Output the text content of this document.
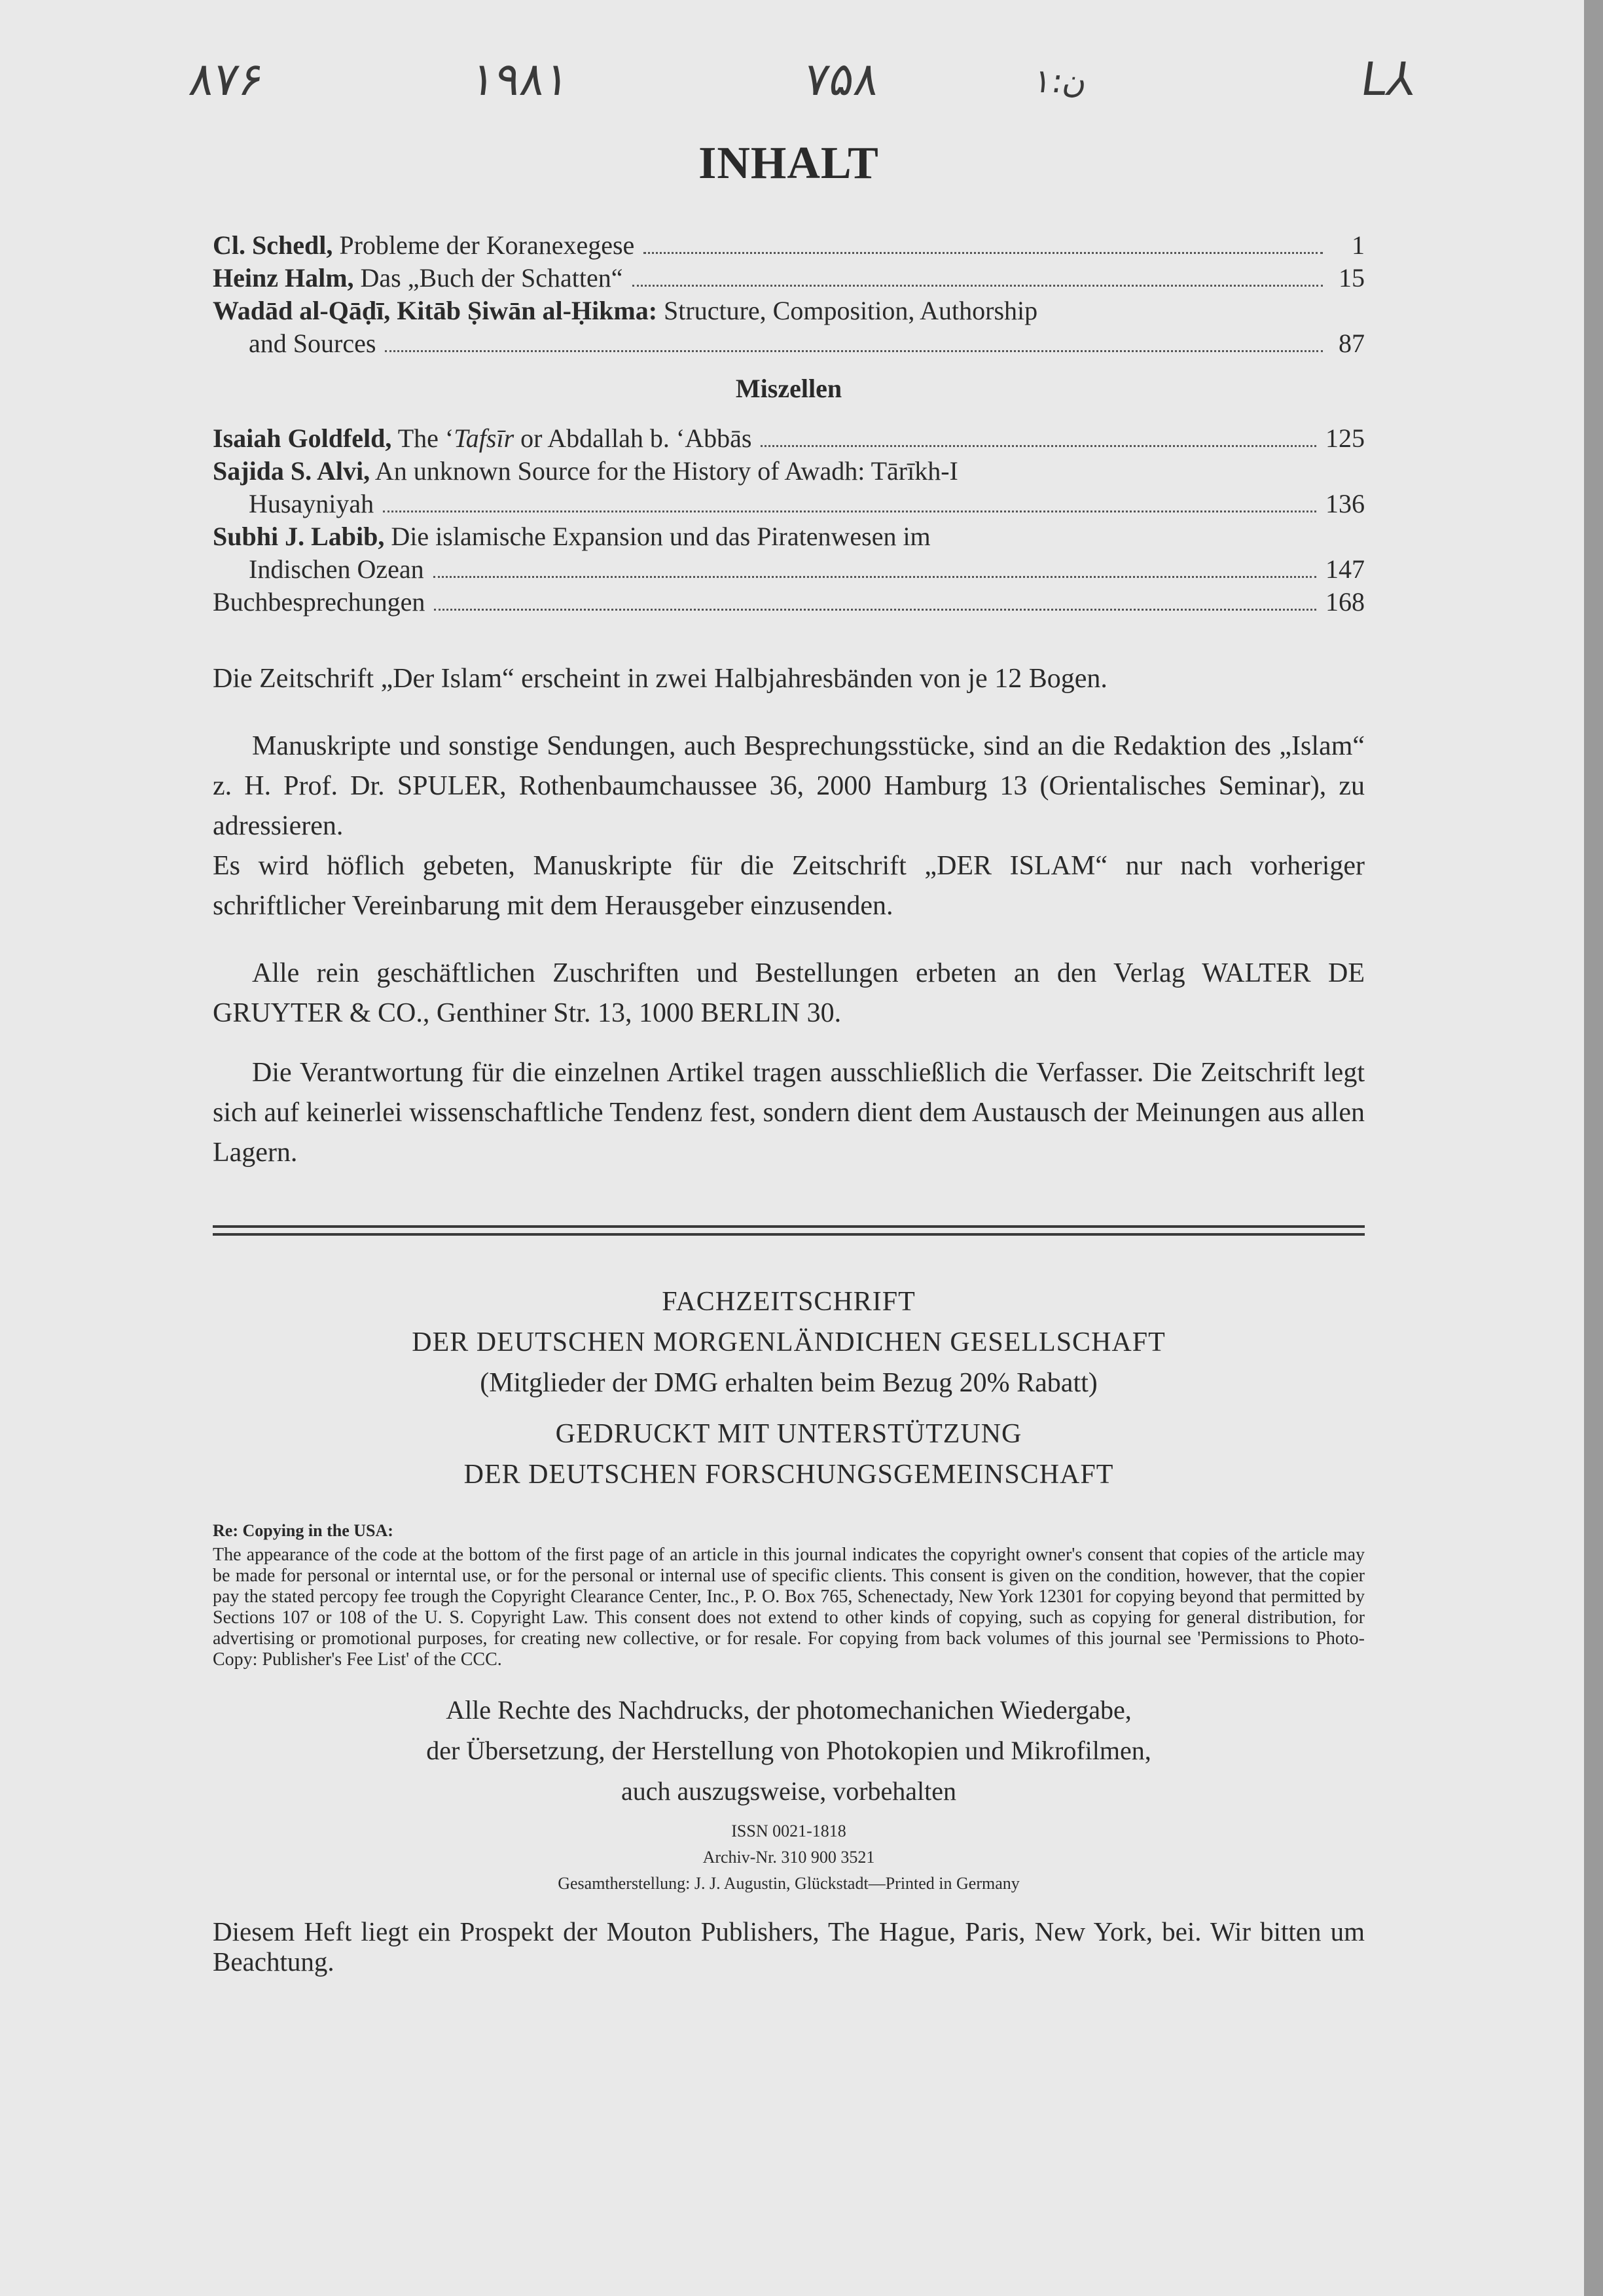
۸۷۶	۱۹۸۱	۷۵۸	ن:۱	L⅄
INHALT
Cl. Schedl, Probleme der Koranexegese	1
Heinz Halm, Das „Buch der Schatten“	15
Wadād al-Qāḍī, Kitāb Ṣiwān al-Ḥikma: Structure, Composition, Authorship
and Sources	87
Miszellen
Isaiah Goldfeld, The ‘Tafsīr or Abdallah b. ‘Abbās	125
Sajida S. Alvi, An unknown Source for the History of Awadh: Tārīkh-I
Husayniyah	136
Subhi J. Labib, Die islamische Expansion und das Piratenwesen im
Indischen Ozean	147
Buchbesprechungen	168

Die Zeitschrift „Der Islam“ erscheint in zwei Halbjahresbänden von je 12 Bogen.

Manuskripte und sonstige Sendungen, auch Besprechungsstücke, sind an die Redaktion des „Islam“ z. H. Prof. Dr. SPULER, Rothenbaumchaussee 36, 2000 Hamburg 13 (Orientalisches Seminar), zu adressieren.

Es wird höflich gebeten, Manuskripte für die Zeitschrift „DER ISLAM“ nur nach vorheriger schriftlicher Vereinbarung mit dem Herausgeber einzusenden.

Alle rein geschäftlichen Zuschriften und Bestellungen erbeten an den Verlag WALTER DE GRUYTER & CO., Genthiner Str. 13, 1000 BERLIN 30.

Die Verantwortung für die einzelnen Artikel tragen ausschließlich die Verfasser. Die Zeitschrift legt sich auf keinerlei wissenschaftliche Tendenz fest, sondern dient dem Austausch der Meinungen aus allen Lagern.

FACHZEITSCHRIFT
DER DEUTSCHEN MORGENLÄNDICHEN GESELLSCHAFT
(Mitglieder der DMG erhalten beim Bezug 20% Rabatt)
GEDRUCKT MIT UNTERSTÜTZUNG
DER DEUTSCHEN FORSCHUNGSGEMEINSCHAFT
Re: Copying in the USA:
The appearance of the code at the bottom of the first page of an article in this journal indicates the copyright owner's consent that copies of the article may be made for personal or interntal use, or for the personal or internal use of specific clients. This consent is given on the condition, however, that the copier pay the stated percopy fee trough the Copyright Clearance Center, Inc., P. O. Box 765, Schenectady, New York 12301 for copying beyond that permitted by Sections 107 or 108 of the U. S. Copyright Law. This consent does not extend to other kinds of copying, such as copying for general distribution, for advertising or promotional purposes, for creating new collective, or for resale. For copying from back volumes of this journal see 'Permissions to Photo-Copy: Publisher's Fee List' of the CCC.
Alle Rechte des Nachdrucks, der photomechanichen Wiedergabe,
der Übersetzung, der Herstellung von Photokopien und Mikrofilmen,
auch auszugsweise, vorbehalten
ISSN 0021-1818
Archiv-Nr. 310 900 3521
Gesamtherstellung: J. J. Augustin, Glückstadt—Printed in Germany

Diesem Heft liegt ein Prospekt der Mouton Publishers, The Hague, Paris, New York, bei. Wir bitten um Beachtung.
